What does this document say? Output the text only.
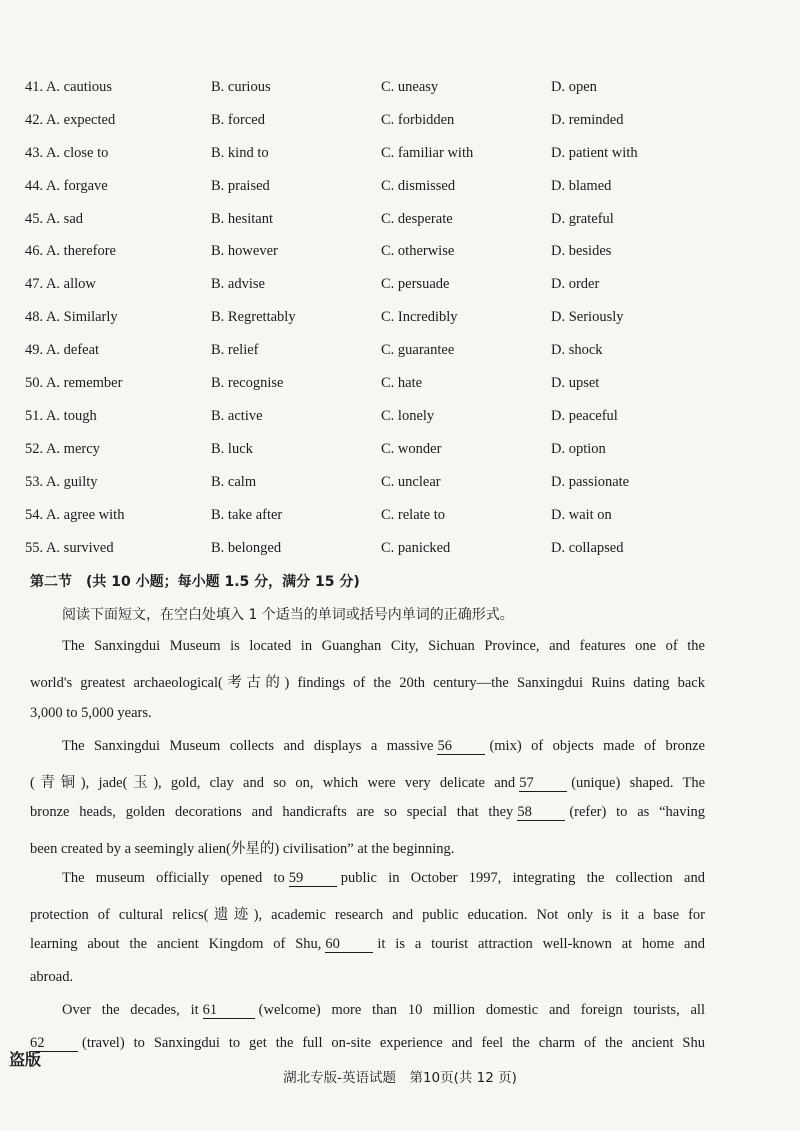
41. A. cautious	B. curious	C. uneasy	D. open
42. A. expected	B. forced	C. forbidden	D. reminded
43. A. close to	B. kind to	C. familiar with	D. patient with
44. A. forgave	B. praised	C. dismissed	D. blamed
45. A. sad	B. hesitant	C. desperate	D. grateful
46. A. therefore	B. however	C. otherwise	D. besides
47. A. allow	B. advise	C. persuade	D. order
48. A. Similarly	B. Regrettably	C. Incredibly	D. Seriously
49. A. defeat	B. relief	C. guarantee	D. shock
50. A. remember	B. recognise	C. hate	D. upset
51. A. tough	B. active	C. lonely	D. peaceful
52. A. mercy	B. luck	C. wonder	D. option
53. A. guilty	B. calm	C. unclear	D. passionate
54. A. agree with	B. take after	C. relate to	D. wait on
55. A. survived	B. belonged	C. panicked	D. collapsed
第二节　(共 10 小题；每小题 1.5 分，满分 15 分)
阅读下面短文，在空白处填入 1 个适当的单词或括号内单词的正确形式。
The Sanxingdui Museum is located in Guanghan City, Sichuan Province, and features one of the
world's greatest archaeological(考古的) findings of the 20th century—the Sanxingdui Ruins dating back
3,000 to 5,000 years.
The Sanxingdui Museum collects and displays a massive 56	(mix) of objects made of bronze
(青铜), jade(玉), gold, clay and so on, which were very delicate and 57	(unique) shaped. The
bronze heads, golden decorations and handicrafts are so special that they 58	(refer) to as “having
been created by a seemingly alien(外星的) civilisation” at the beginning.
The museum officially opened to 59	public in October 1997, integrating the collection and
protection of cultural relics(遗迹), academic research and public education. Not only is it a base for
learning about the ancient Kingdom of Shu, 60	it is a tourist attraction well-known at home and
abroad.
Over the decades, it 61	(welcome) more than 10 million domestic and foreign tourists, all
62	(travel) to Sanxingdui to get the full on-site experience and feel the charm of the ancient Shu
盗版
湖北专版-英语试题　第10页(共 12 页)
